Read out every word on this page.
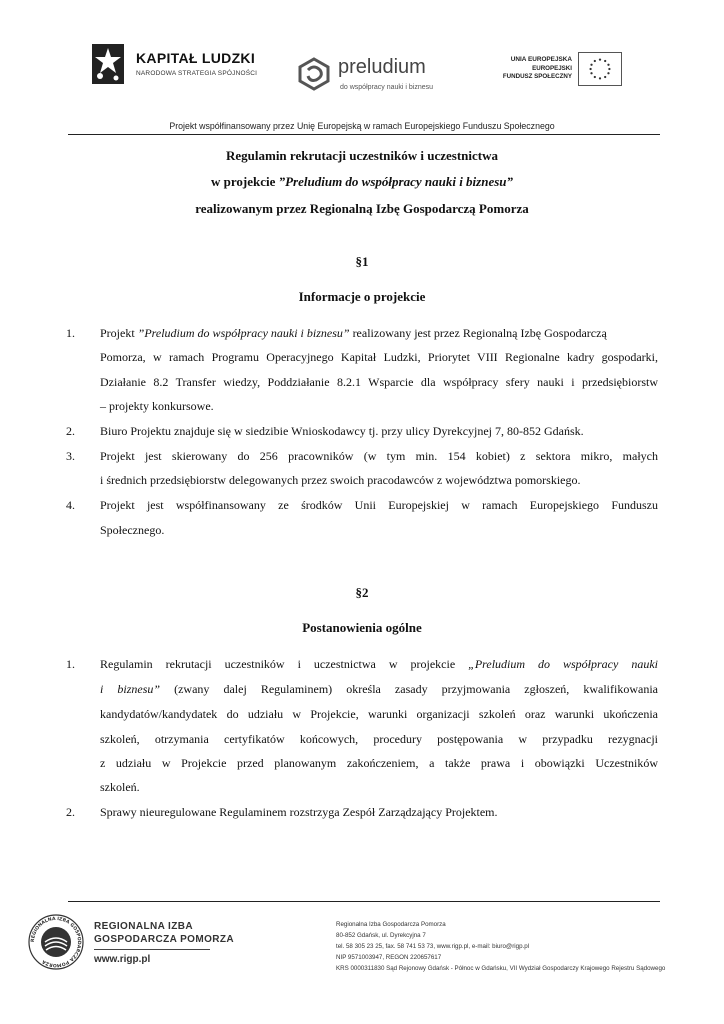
KAPITAŁ LUDZKI
NARODOWA STRATEGIA SPÓJNOŚCI	preludium
do współpracy nauki i biznesu
UNIA EUROPEJSKA
EUROPEJSKI
FUNDUSZ SPOŁECZNY
Projekt współfinansowany przez Unię Europejską w ramach Europejskiego Funduszu Społecznego
Regulamin rekrutacji uczestników i uczestnictwa
w projekcie ”Preludium do współpracy nauki i biznesu”
realizowanym przez Regionalną Izbę Gospodarczą Pomorza
§1
Informacje o projekcie
1. Projekt ”Preludium do współpracy nauki i biznesu” realizowany jest przez Regionalną Izbę Gospodarczą
Pomorza, w ramach Programu Operacyjnego Kapitał Ludzki, Priorytet VIII Regionalne kadry gospodarki,
Działanie 8.2 Transfer wiedzy, Poddziałanie 8.2.1 Wsparcie dla współpracy sfery nauki i przedsiębiorstw
– projekty konkursowe.
2. Biuro Projektu znajduje się w siedzibie Wnioskodawcy tj. przy ulicy Dyrekcyjnej 7, 80-852 Gdańsk.
3. Projekt jest skierowany do 256 pracowników (w tym min. 154 kobiet) z sektora mikro, małych
i średnich przedsiębiorstw delegowanych przez swoich pracodawców z województwa pomorskiego.
4. Projekt jest współfinansowany ze środków Unii Europejskiej w ramach Europejskiego Funduszu
Społecznego.
§2
Postanowienia ogólne
1. Regulamin rekrutacji uczestników i uczestnictwa w projekcie „Preludium do współpracy nauki
i biznesu” (zwany dalej Regulaminem) określa zasady przyjmowania zgłoszeń, kwalifikowania
kandydatów/kandydatek do udziału w Projekcie, warunki organizacji szkoleń oraz warunki ukończenia
szkoleń, otrzymania certyfikatów końcowych, procedury postępowania w przypadku rezygnacji
z udziału w Projekcie przed planowanym zakończeniem, a także prawa i obowiązki Uczestników
szkoleń.
2. Sprawy nieuregulowane Regulaminem rozstrzyga Zespół Zarządzający Projektem.
REGIONALNA IZBA GOSPODARCZA POMORZA
REGIONALNA IZBA
GOSPODARCZA POMORZA
www.rigp.pl
Regionalna Izba Gospodarcza Pomorza
80-852 Gdańsk, ul. Dyrekcyjna 7
tel. 58 305 23 25, fax. 58 741 53 73, www.rigp.pl, e-mail: biuro@rigp.pl
NIP 9571003947, REGON 220657617
KRS 0000311830 Sąd Rejonowy Gdańsk - Północ w Gdańsku, VII Wydział Gospodarczy Krajowego Rejestru Sądowego
